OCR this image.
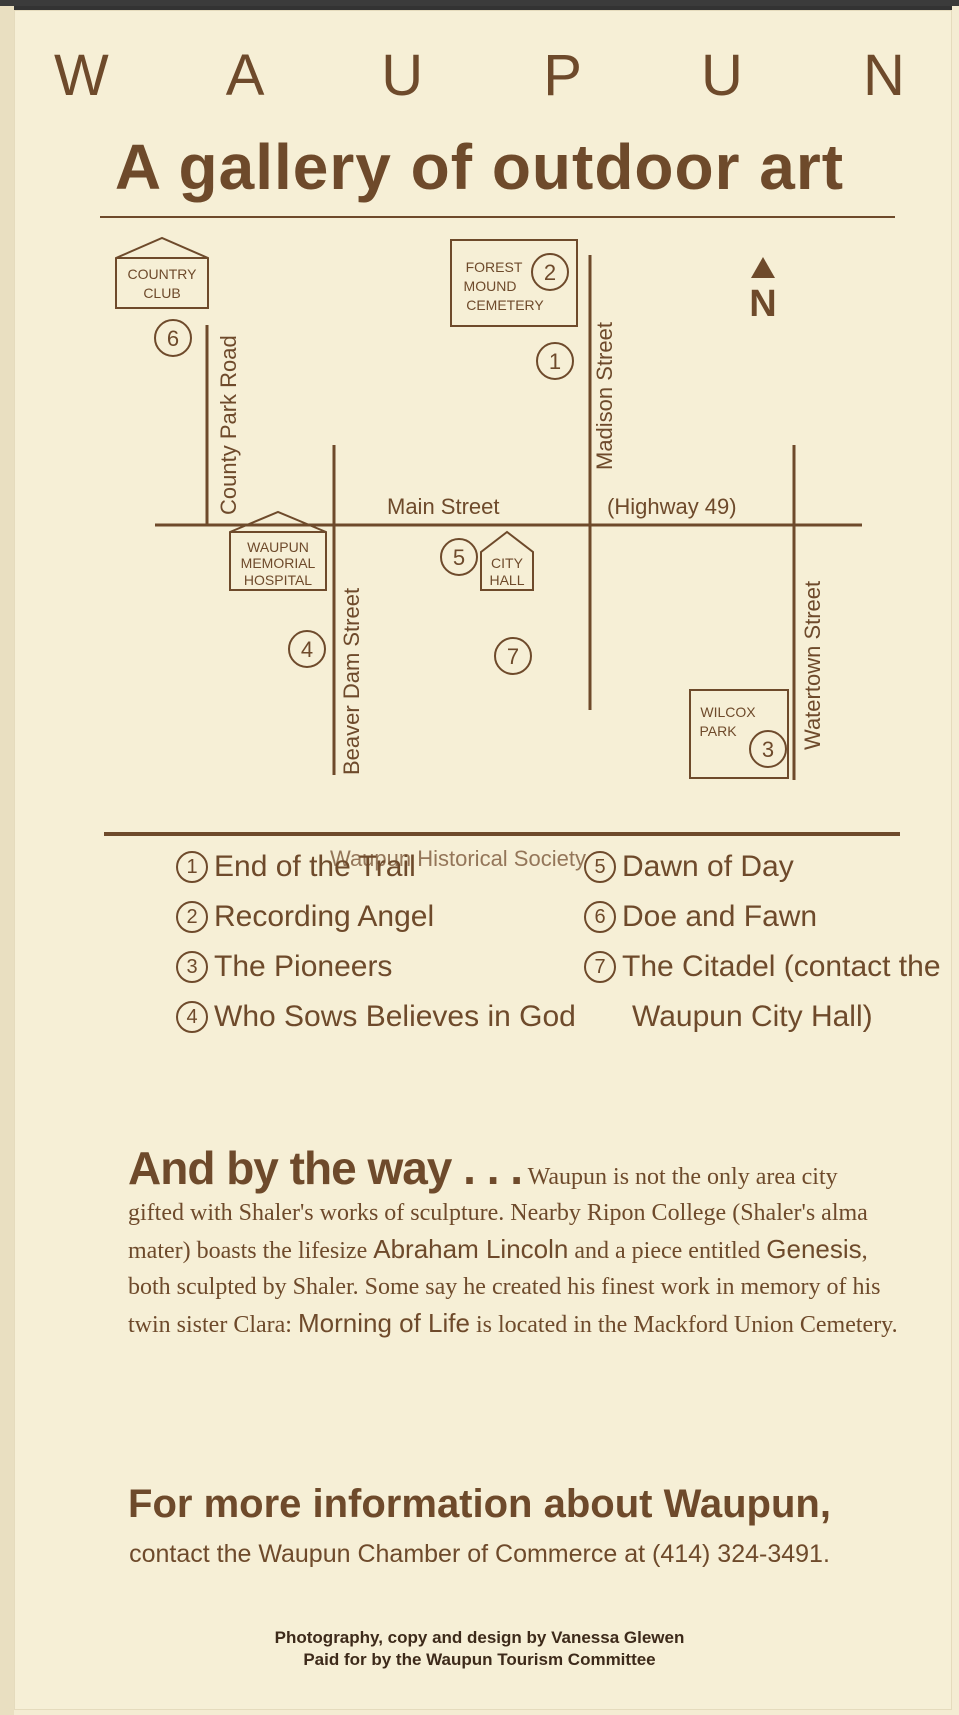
W A U P U N
A gallery of outdoor art
COUNTRY
CLUB
FOREST
MOUND
CEMETERY
WAUPUN
MEMORIAL
HOSPITAL
CITY
HALL
WILCOX
PARK
Main Street	(Highway 49)
County Park Road	Madison Street
Beaver Dam Street	Watertown Street
6
2
1
5
4	7
3
N
Waupun Historical Society
1 End of the Trail
2 Recording Angel
3 The Pioneers
4 Who Sows Believes in God
5 Dawn of Day
6 Doe and Fawn
7 The Citadel (contact the
Waupun City Hall)
And by the way . . . Waupun is not the only area city gifted with Shaler's works of sculpture. Nearby Ripon College (Shaler's alma mater) boasts the lifesize Abraham Lincoln and a piece entitled Genesis, both sculpted by Shaler. Some say he created his finest work in memory of his twin sister Clara: Morning of Life is located in the Mackford Union Cemetery.
For more information about Waupun,
contact the Waupun Chamber of Commerce at (414) 324-3491.
Photography, copy and design by Vanessa Glewen
Paid for by the Waupun Tourism Committee
